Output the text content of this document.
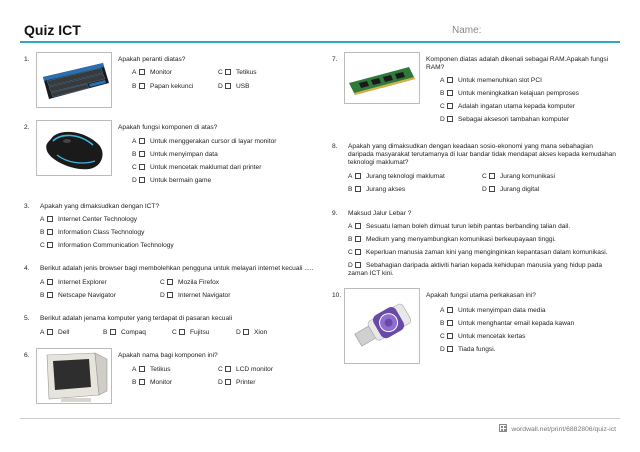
Quiz ICT	Name:
1.	Apakah peranti diatas?
A Monitor	C Tetikus
B Papan kekunci	D USB
2.	Apakah fungsi komponen di atas?
A Untuk menggerakan cursor di layar monitor
B Untuk menyimpan data
C Untuk mencetak maklumat dari printer
D Untuk bermain game
3. Apakah yang dimaksudkan dengan ICT?
A Internet Center Technology
B Information Class Technology
C Information Communication Technology
4. Berikut adalah jenis browser bagi membolehkan pengguna untuk melayari internet kecuali .....
A Internet Explorer	C Mozila Firefox
B Netscape Navigator	D Internet Navigator
5. Berikut adalah jenama komputer yang terdapat di pasaran kecuali
A Dell	B Compaq	C Fujitsu	D Xion
6.	Apakah nama bagi komponen ini?
A Tetikus	C LCD monitor
B Monitor	D Printer
7.	Komponen diatas adalah dikenali sebagai RAM.Apakah fungsi RAM?
A Untuk memenuhkan slot PCI
B Untuk meningkatkan kelajuan pemproses
C Adalah ingatan utama kepada komputer
D Sebagai aksesori tambahan komputer
8. Apakah yang dimaksudkan dengan keadaan sosio-ekonomi yang mana sebahagian daripada masyarakat terutamanya di luar bandar tidak mendapat akses kepada kemudahan teknologi maklumat?
A Jurang teknologi maklumat	C Jurang komunikasi
B Jurang akses	D Jurang digital
9. Maksud Jalur Lebar ?
A Sesuatu laman boleh dimuat turun lebih pantas berbanding talian dail.
B Medium yang menyambungkan komunikasi berkeupayaan tinggi.
C Keperluan manusia zaman kini yang menginginkan kepantasan dalam komunikasi.
D Sebahagian daripada aktiviti harian kepada kehidupan manusia yang hidup pada zaman ICT kini.
10.	Apakah fungsi utama perkakasan ini?
A Untuk menyimpan data media
B Untuk menghantar email kepada kawan
C Untuk mencetak kertas
D Tiada fungsi.
wordwall.net/print/6882806/quiz-ict
